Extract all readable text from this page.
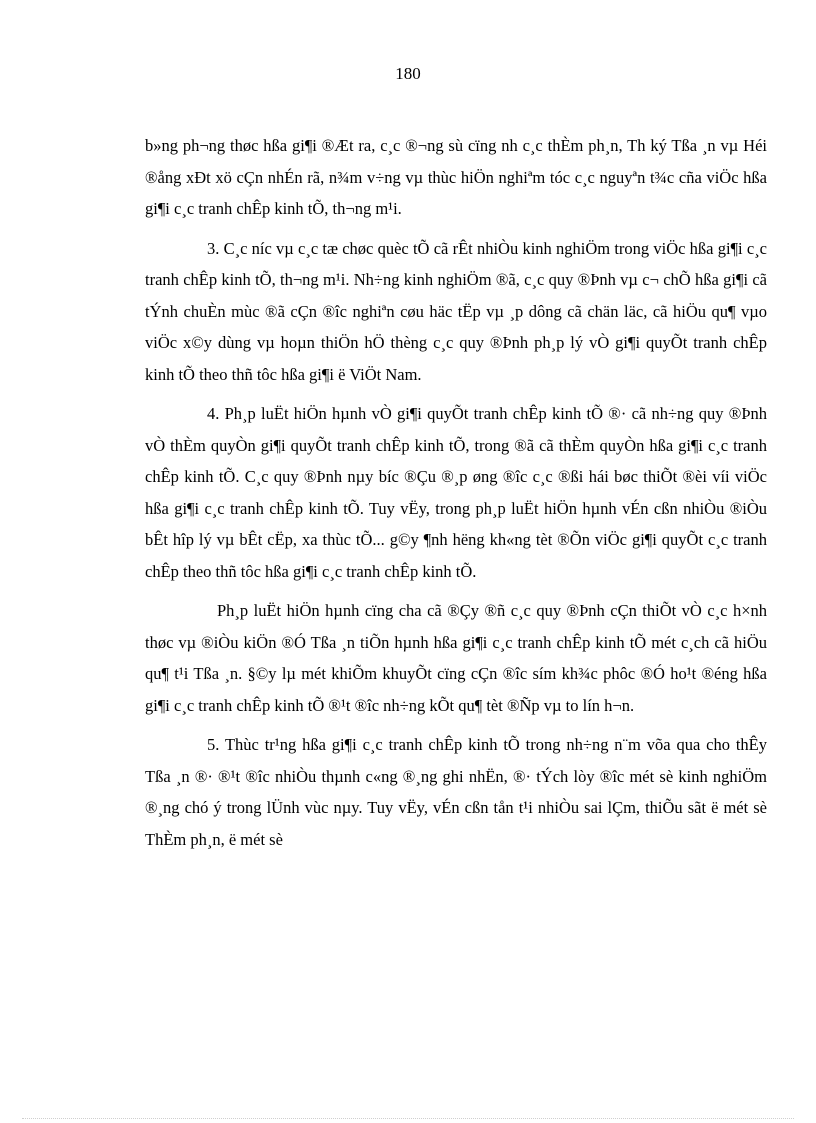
180

b»ng ph¬ng thøc hßa gi¶i ®Æt ra, c¸c ®¬ng sù cïng nh c¸c thÈm ph¸n, Th ký Tßa ¸n vµ Héi ®ång xÐt xö cÇn nhÉn rã, n¾m v÷ng vµ thùc hiÖn nghiªm tóc c¸c nguyªn t¾c cña viÖc hßa gi¶i c¸c tranh chÊp kinh tÕ, th¬ng m¹i.

3. C¸c níc vµ c¸c tæ chøc quèc tÕ cã rÊt nhiÒu kinh nghiÖm trong viÖc hßa gi¶i c¸c tranh chÊp kinh tÕ, th¬ng m¹i. Nh÷ng kinh nghiÖm ®ã, c¸c quy ®Þnh vµ c¬ chÕ hßa gi¶i cã tÝnh chuÈn mùc ®ã cÇn ®îc nghiªn cøu häc tËp vµ ¸p dông cã chän läc, cã hiÖu qu¶ vµo viÖc x©y dùng vµ hoµn thiÖn hÖ thèng c¸c quy ®Þnh ph¸p lý vÒ gi¶i quyÕt tranh chÊp kinh tÕ theo thñ tôc hßa gi¶i ë ViÖt Nam.

4. Ph¸p luËt hiÖn hµnh vÒ gi¶i quyÕt tranh chÊp kinh tÕ ®· cã nh÷ng quy ®Þnh vÒ thÈm quyÒn gi¶i quyÕt tranh chÊp kinh tÕ, trong ®ã cã thÈm quyÒn hßa gi¶i c¸c tranh chÊp kinh tÕ. C¸c quy ®Þnh nµy bíc ®Çu ®¸p øng ®îc c¸c ®ßi hái bøc thiÕt ®èi víi viÖc hßa gi¶i c¸c tranh chÊp kinh tÕ. Tuy vËy, trong ph¸p luËt hiÖn hµnh vÉn cßn nhiÒu ®iÒu bÊt hîp lý vµ bÊt cËp, xa thùc tÕ... g©y ¶nh hëng kh«ng tèt ®Õn viÖc gi¶i quyÕt c¸c tranh chÊp theo thñ tôc hßa gi¶i c¸c tranh chÊp kinh tÕ.

Ph¸p luËt hiÖn hµnh cïng cha cã ®Çy ®ñ c¸c quy ®Þnh cÇn thiÕt vÒ c¸c h×nh thøc vµ ®iÒu kiÖn ®Ó Tßa ¸n tiÕn hµnh hßa gi¶i c¸c tranh chÊp kinh tÕ mét c¸ch cã hiÖu qu¶ t¹i Tßa ¸n. §©y lµ mét khiÕm khuyÕt cïng cÇn ®îc sím kh¾c phôc ®Ó ho¹t ®éng hßa gi¶i c¸c tranh chÊp kinh tÕ ®¹t ®îc nh÷ng kÕt qu¶ tèt ®Ñp vµ to lín h¬n.

5. Thùc tr¹ng hßa gi¶i c¸c tranh chÊp kinh tÕ trong nh÷ng n¨m võa qua cho thÊy Tßa ¸n ®· ®¹t ®îc nhiÒu thµnh c«ng ®¸ng ghi nhËn, ®· tÝch lòy ®îc mét sè kinh nghiÖm ®¸ng chó ý trong lÜnh vùc nµy. Tuy vËy, vÉn cßn tån t¹i nhiÒu sai lÇm, thiÕu sãt ë mét sè ThÈm ph¸n, ë mét sè
